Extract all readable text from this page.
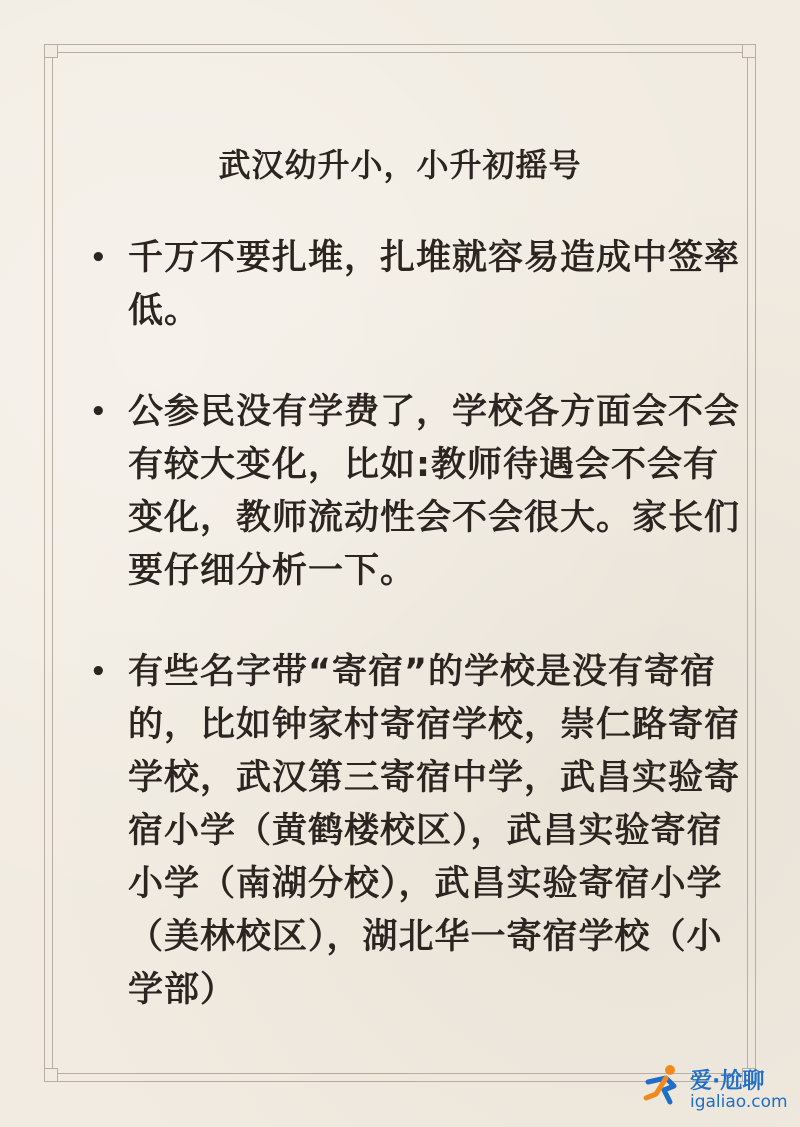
武汉幼升小，小升初摇号
• 千万不要扎堆，扎堆就容易造成中签率低。
• 公参民没有学费了，学校各方面会不会有较大变化，比如:教师待遇会不会有变化，教师流动性会不会很大。家长们要仔细分析一下。
• 有些名字带“寄宿”的学校是没有寄宿的，比如钟家村寄宿学校，崇仁路寄宿学校，武汉第三寄宿中学，武昌实验寄宿小学（黄鹤楼校区），武昌实验寄宿小学（南湖分校），武昌实验寄宿小学（美林校区），湖北华一寄宿学校（小学部）
爱·尬聊
igaliao.com
